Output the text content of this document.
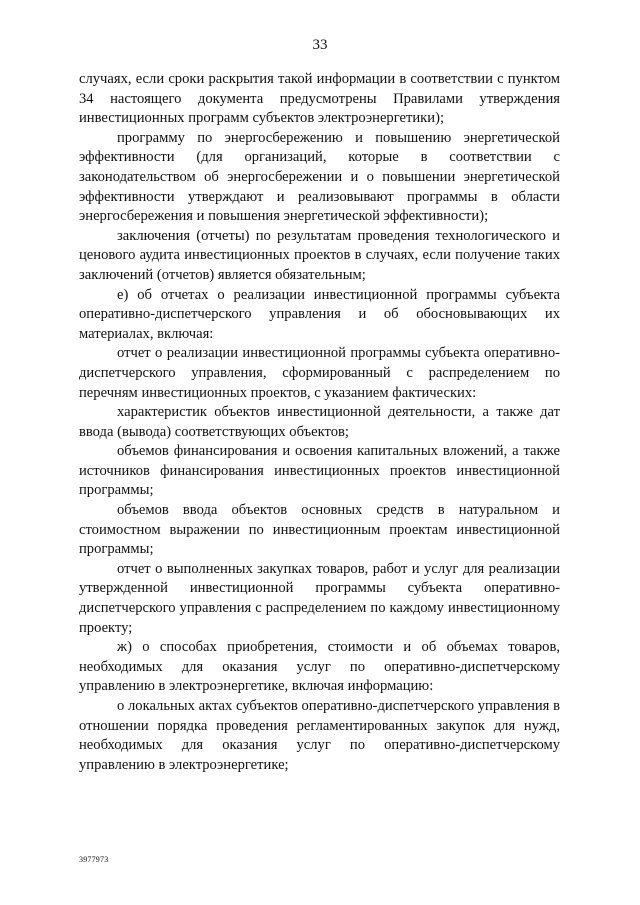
33

случаях, если сроки раскрытия такой информации в соответствии с пунктом 34 настоящего документа предусмотрены Правилами утверждения инвестиционных программ субъектов электроэнергетики);

программу по энергосбережению и повышению энергетической эффективности (для организаций, которые в соответствии с законодательством об энергосбережении и о повышении энергетической эффективности утверждают и реализовывают программы в области энергосбережения и повышения энергетической эффективности);

заключения (отчеты) по результатам проведения технологического и ценового аудита инвестиционных проектов в случаях, если получение таких заключений (отчетов) является обязательным;

е) об отчетах о реализации инвестиционной программы субъекта оперативно-диспетчерского управления и об обосновывающих их материалах, включая:

отчет о реализации инвестиционной программы субъекта оперативно-диспетчерского управления, сформированный с распределением по перечням инвестиционных проектов, с указанием фактических:

характеристик объектов инвестиционной деятельности, а также дат ввода (вывода) соответствующих объектов;

объемов финансирования и освоения капитальных вложений, а также источников финансирования инвестиционных проектов инвестиционной программы;

объемов ввода объектов основных средств в натуральном и стоимостном выражении по инвестиционным проектам инвестиционной программы;

отчет о выполненных закупках товаров, работ и услуг для реализации утвержденной инвестиционной программы субъекта оперативно-диспетчерского управления с распределением по каждому инвестиционному проекту;

ж) о способах приобретения, стоимости и об объемах товаров, необходимых для оказания услуг по оперативно-диспетчерскому управлению в электроэнергетике, включая информацию:

о локальных актах субъектов оперативно-диспетчерского управления в отношении порядка проведения регламентированных закупок для нужд, необходимых для оказания услуг по оперативно-диспетчерскому управлению в электроэнергетике;

3977973
